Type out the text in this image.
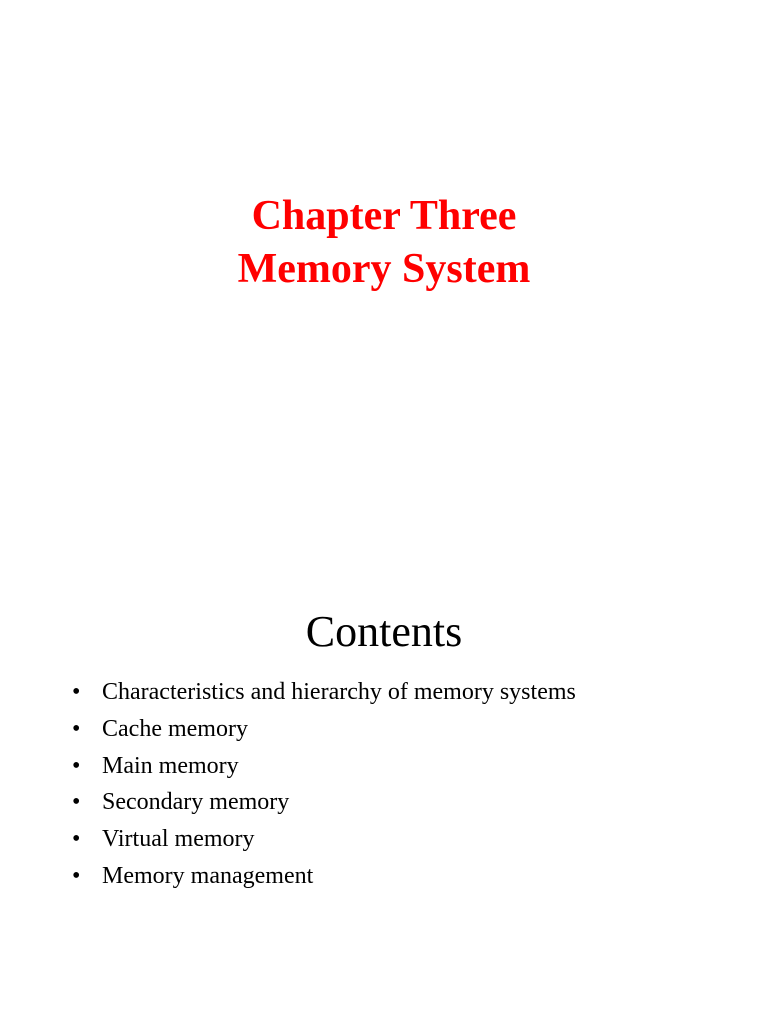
Chapter Three
Memory System
Contents
• Characteristics and hierarchy of memory systems
• Cache memory
• Main memory
• Secondary memory
• Virtual memory
• Memory management
